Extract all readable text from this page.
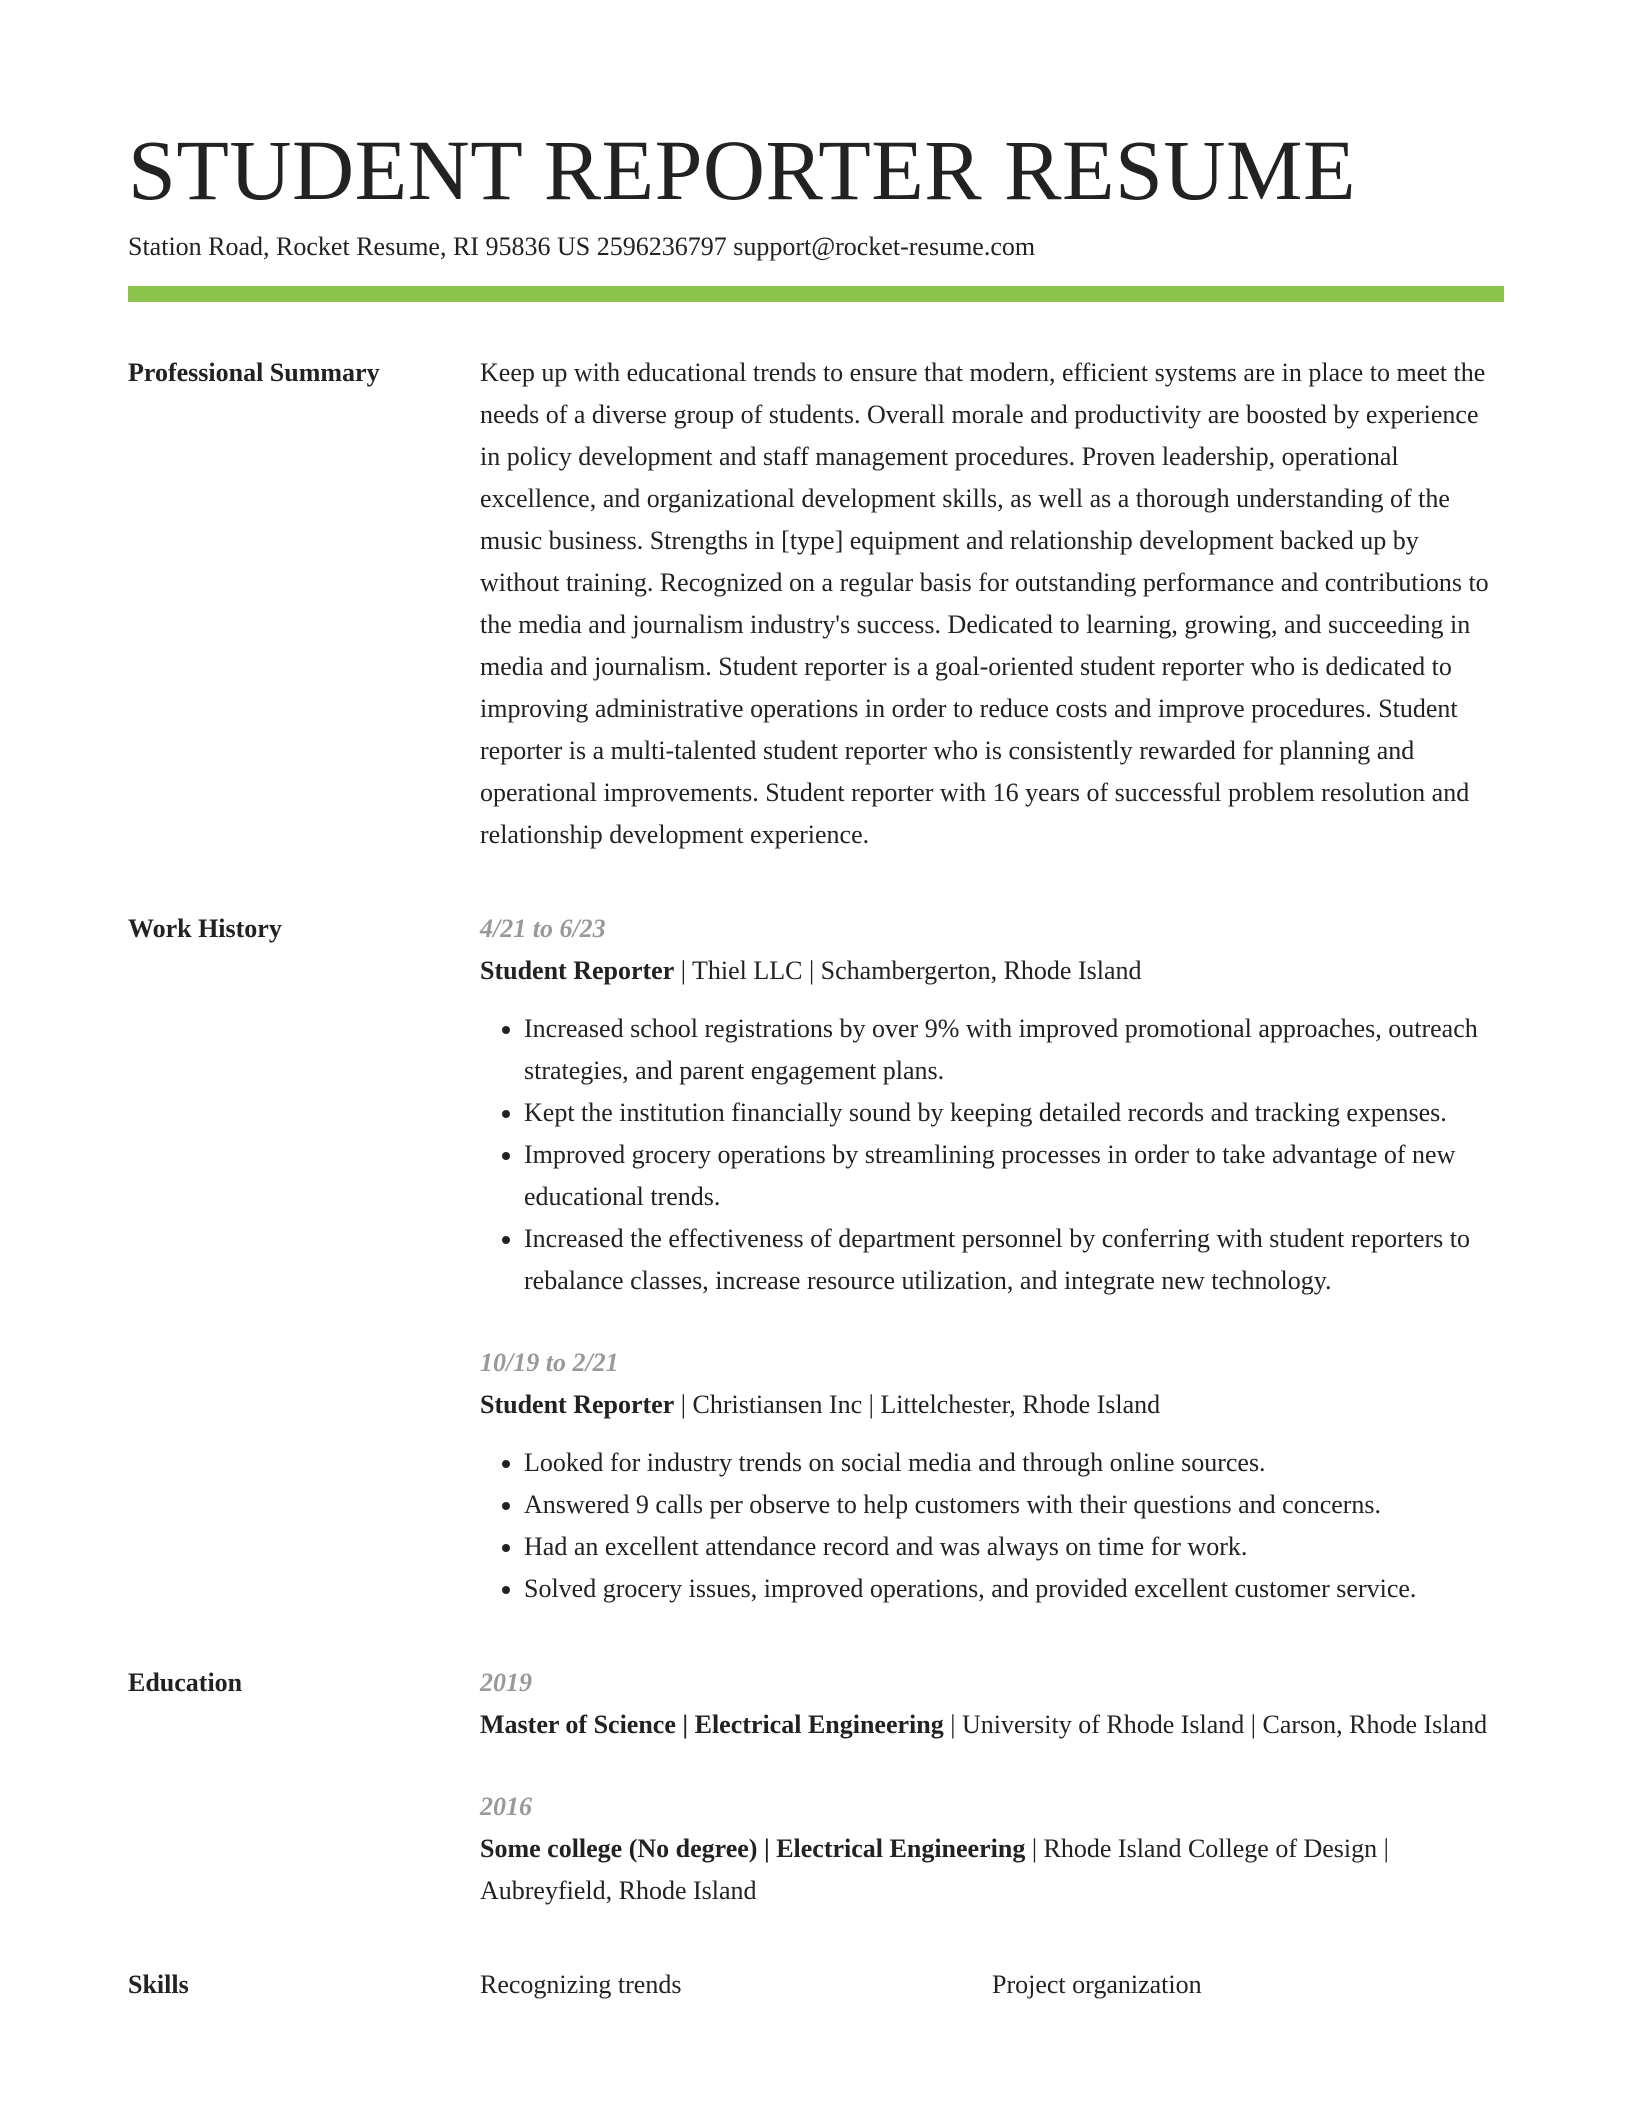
STUDENT REPORTER RESUME
Station Road, Rocket Resume, RI 95836 US 2596236797 support@rocket-resume.com
Professional Summary	Keep up with educational trends to ensure that modern, efficient systems are in place to meet the needs of a diverse group of students. Overall morale and productivity are boosted by experience in policy development and staff management procedures. Proven leadership, operational excellence, and organizational development skills, as well as a thorough understanding of the music business. Strengths in [type] equipment and relationship development backed up by without training. Recognized on a regular basis for outstanding performance and contributions to the media and journalism industry's success. Dedicated to learning, growing, and succeeding in media and journalism. Student reporter is a goal-oriented student reporter who is dedicated to improving administrative operations in order to reduce costs and improve procedures. Student reporter is a multi-talented student reporter who is consistently rewarded for planning and operational improvements. Student reporter with 16 years of successful problem resolution and relationship development experience.

Work History	4/21 to 6/23
Student Reporter | Thiel LLC | Schambergerton, Rhode Island
• Increased school registrations by over 9% with improved promotional approaches, outreach strategies, and parent engagement plans.
• Kept the institution financially sound by keeping detailed records and tracking expenses.
• Improved grocery operations by streamlining processes in order to take advantage of new educational trends.
• Increased the effectiveness of department personnel by conferring with student reporters to rebalance classes, increase resource utilization, and integrate new technology.
10/19 to 2/21
Student Reporter | Christiansen Inc | Littelchester, Rhode Island
• Looked for industry trends on social media and through online sources.
• Answered 9 calls per observe to help customers with their questions and concerns.
• Had an excellent attendance record and was always on time for work.
• Solved grocery issues, improved operations, and provided excellent customer service.
Education	2019
Master of Science | Electrical Engineering | University of Rhode Island | Carson, Rhode Island
2016
Some college (No degree) | Electrical Engineering | Rhode Island College of Design | Aubreyfield, Rhode Island
Skills	Recognizing trends	Project organization
